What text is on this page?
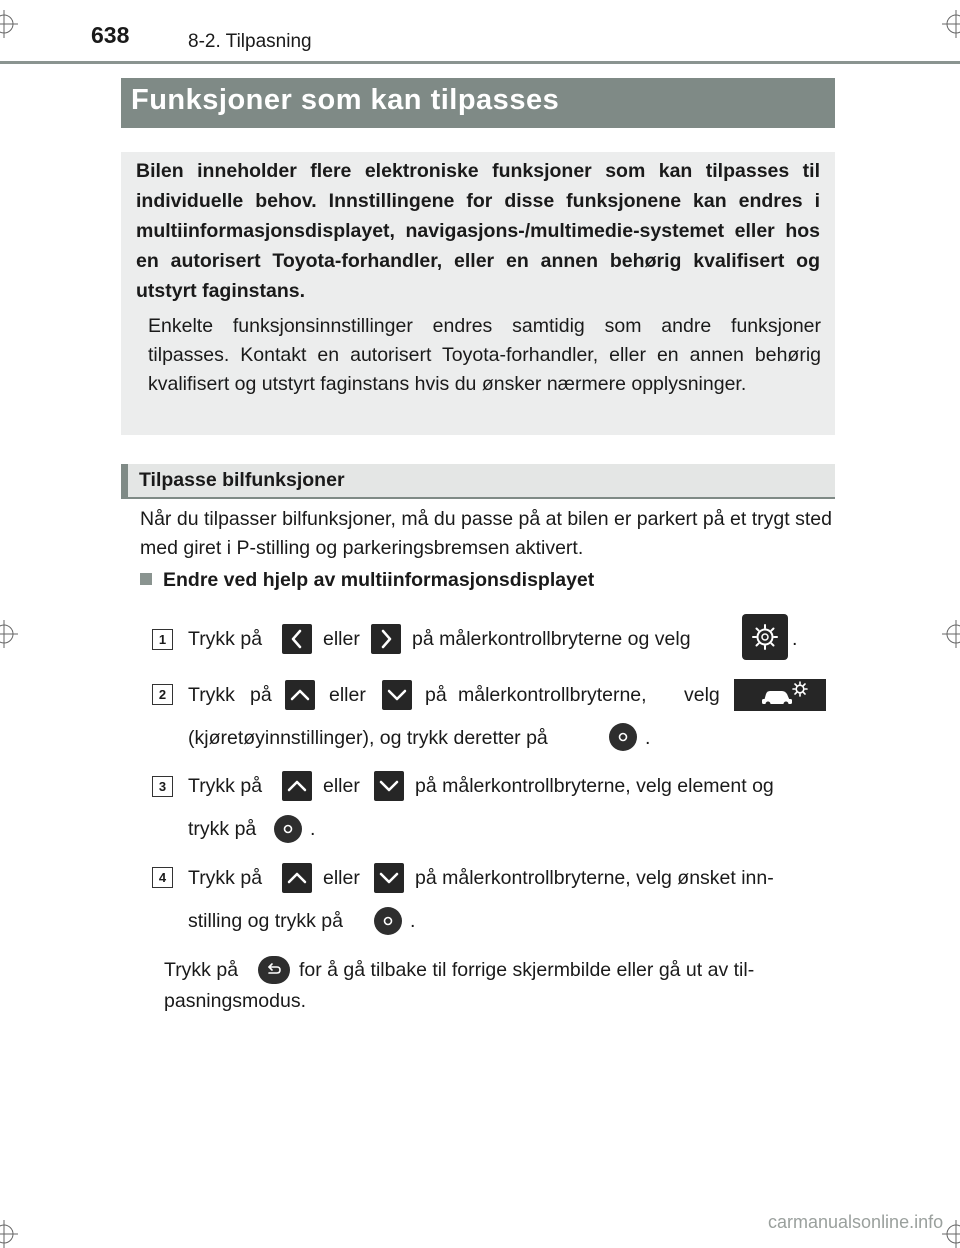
638	8-2. Tilpasning
Funksjoner som kan tilpasses
Bilen inneholder flere elektroniske funksjoner som kan tilpasses til individuelle behov. Innstillingene for disse funksjonene kan endres i multiinformasjonsdisplayet, navigasjons-/multimedie-systemet eller hos en autorisert Toyota-forhandler, eller en annen behørig kvalifisert og utstyrt faginstans.
Enkelte funksjonsinnstillinger endres samtidig som andre funksjoner tilpasses. Kontakt en autorisert Toyota-forhandler, eller en annen behørig kvalifisert og utstyrt faginstans hvis du ønsker nærmere opplysninger.
Tilpasse bilfunksjoner
Når du tilpasser bilfunksjoner, må du passe på at bilen er parkert på et trygt sted med giret i P-stilling og parkeringsbremsen aktivert.
Endre ved hjelp av multiinformasjonsdisplayet
1	Trykk på	eller	på målerkontrollbryterne og velg	.
2	Trykk på	eller	på målerkontrollbryterne, velg
(kjøretøyinnstillinger), og trykk deretter på	.
3	Trykk på	eller	på målerkontrollbryterne, velg element og
trykk på	.
4	Trykk på	eller	på målerkontrollbryterne, velg ønsket inn-
stilling og trykk på	.
Trykk på	for å gå tilbake til forrige skjermbilde eller gå ut av til-
pasningsmodus.
carmanualsonline.info
